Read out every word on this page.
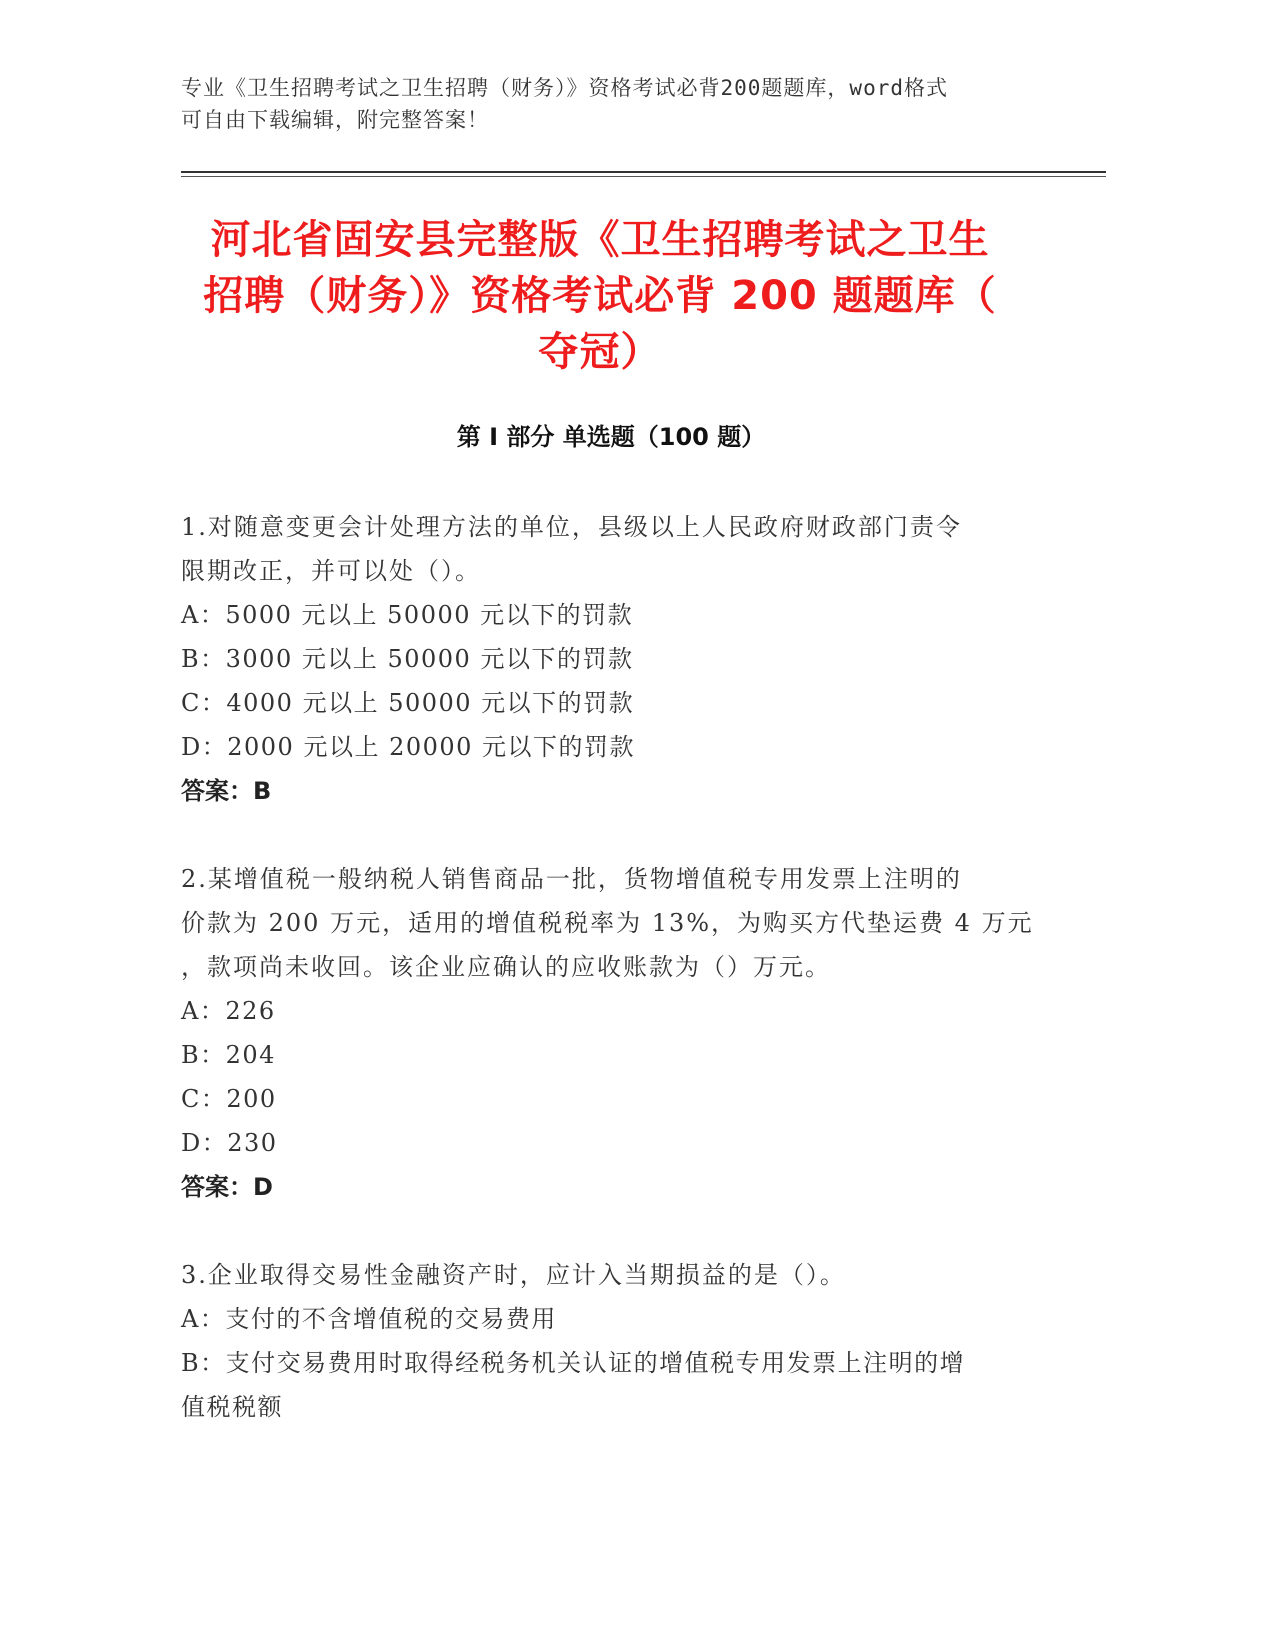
专业《卫生招聘考试之卫生招聘（财务）》资格考试必背200题题库，word格式
可自由下载编辑，附完整答案！
河北省固安县完整版《卫生招聘考试之卫生
招聘（财务）》资格考试必背 200 题题库（
夺冠）
第 I 部分 单选题（100 题）
1.对随意变更会计处理方法的单位，县级以上人民政府财政部门责令
限期改正，并可以处（）。
A：5000 元以上 50000 元以下的罚款
B：3000 元以上 50000 元以下的罚款
C：4000 元以上 50000 元以下的罚款
D：2000 元以上 20000 元以下的罚款
答案：B
2.某增值税一般纳税人销售商品一批，货物增值税专用发票上注明的
价款为 200 万元，适用的增值税税率为 13%，为购买方代垫运费 4 万元
，款项尚未收回。该企业应确认的应收账款为（）万元。
A：226
B：204
C：200
D：230
答案：D
3.企业取得交易性金融资产时，应计入当期损益的是（）。
A：支付的不含增值税的交易费用
B：支付交易费用时取得经税务机关认证的增值税专用发票上注明的增
值税税额
